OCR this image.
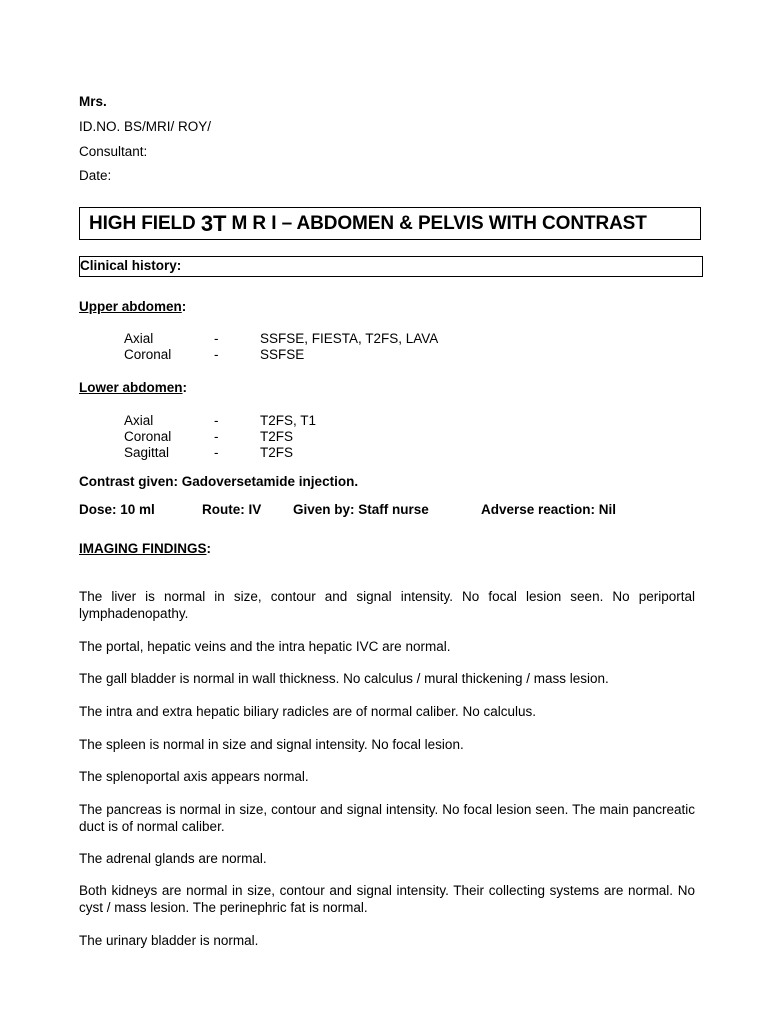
Mrs.
ID.NO. BS/MRI/ ROY/
Consultant:
Date:
HIGH FIELD 3T M R I – ABDOMEN & PELVIS WITH CONTRAST
Clinical history:
Upper abdomen:
Axial	-	SSFSE, FIESTA, T2FS, LAVA
Coronal	-	SSFSE
Lower abdomen:
Axial	-	T2FS, T1
Coronal	-	T2FS
Sagittal	-	T2FS
Contrast given: Gadoversetamide injection.
Dose: 10 ml	Route: IV Given by: Staff nurse	Adverse reaction: Nil
IMAGING FINDINGS:
The liver is normal in size, contour and signal intensity. No focal lesion seen. No periportal lymphadenopathy.
The portal, hepatic veins and the intra hepatic IVC are normal.
The gall bladder is normal in wall thickness. No calculus / mural thickening / mass lesion.
The intra and extra hepatic biliary radicles are of normal caliber. No calculus.
The spleen is normal in size and signal intensity. No focal lesion.
The splenoportal axis appears normal.
The pancreas is normal in size, contour and signal intensity. No focal lesion seen. The main pancreatic duct is of normal caliber.
The adrenal glands are normal.
Both kidneys are normal in size, contour and signal intensity. Their collecting systems are normal. No cyst / mass lesion. The perinephric fat is normal.
The urinary bladder is normal.
